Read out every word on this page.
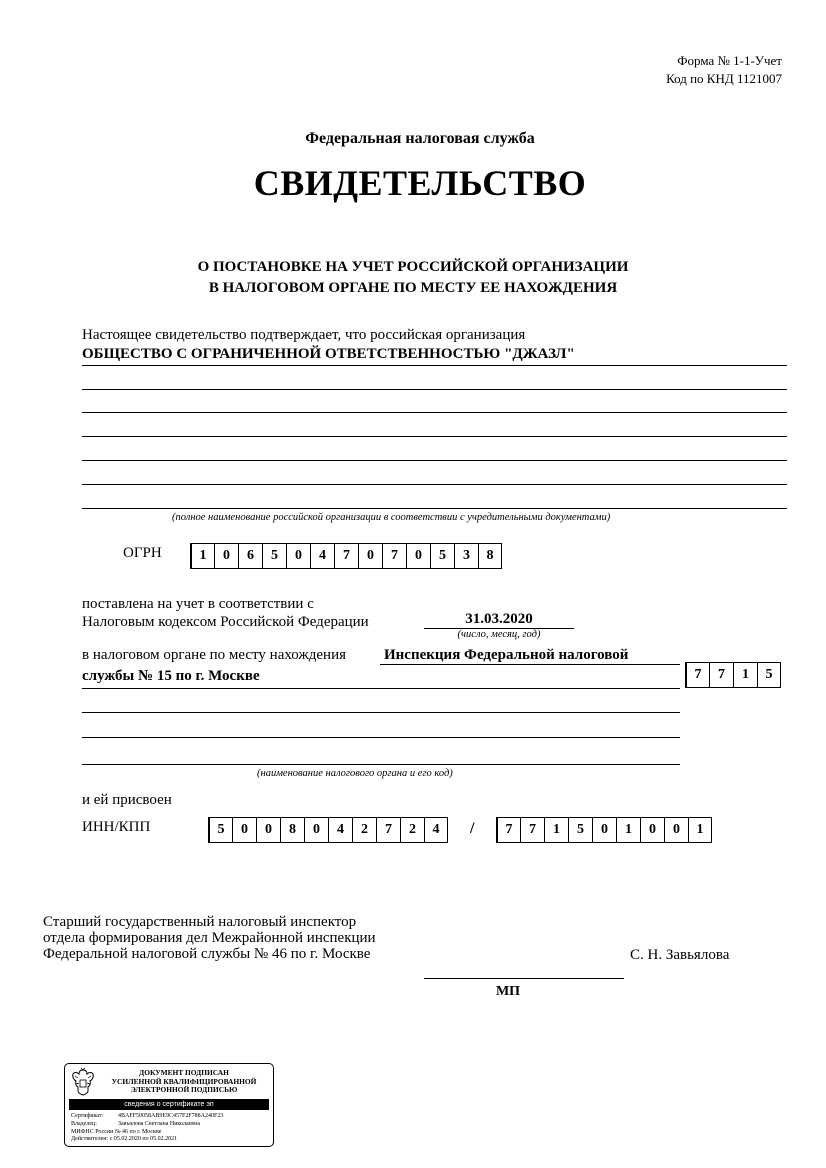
Форма № 1-1-Учет
Код по КНД 1121007
Федеральная налоговая служба
СВИДЕТЕЛЬСТВО
О ПОСТАНОВКЕ НА УЧЕТ РОССИЙСКОЙ ОРГАНИЗАЦИИ
В НАЛОГОВОМ ОРГАНЕ ПО МЕСТУ ЕЕ НАХОЖДЕНИЯ
Настоящее свидетельство подтверждает, что российская организация
ОБЩЕСТВО С ОГРАНИЧЕННОЙ ОТВЕТСТВЕННОСТЬЮ "ДЖАЗЛ"
(полное наименование российской организации в соответствии с учредительными документами)
ОГРН	1	0	6	5	0	4	7	0	7	0	5	3	8
поставлена на учет в соответствии с
Налоговым кодексом Российской Федерации	31.03.2020
(число, месяц, год)
в налоговом органе по месту нахождения	Инспекция Федеральной налоговой
службы № 15 по г. Москве	7	7	1	5
(наименование налогового органа и его код)
и ей присвоен
ИНН/КПП	5	0	0	8	0	4	2	7	2	4	/	7	7	1	5	0	1	0	0	1
Старший государственный налоговый инспектор
отдела формирования дел Межрайонной инспекции
Федеральной налоговой службы № 46 по г. Москве	С. Н. Завьялова
МП
ДОКУМЕНТ ПОДПИСАН
УСИЛЕННОЙ КВАЛИФИЦИРОВАННОЙ
ЭЛЕКТРОННОЙ ПОДПИСЬЮ
сведения о сертификате эп
Сертификат: 4BAFF50058AB9E9C457F2F788A240F23
Владелец:	Завьялова Светлана Николаевна
МИФНС России № 46 по г. Москве
Действителен: с 05.02.2020 по 05.02.2021
